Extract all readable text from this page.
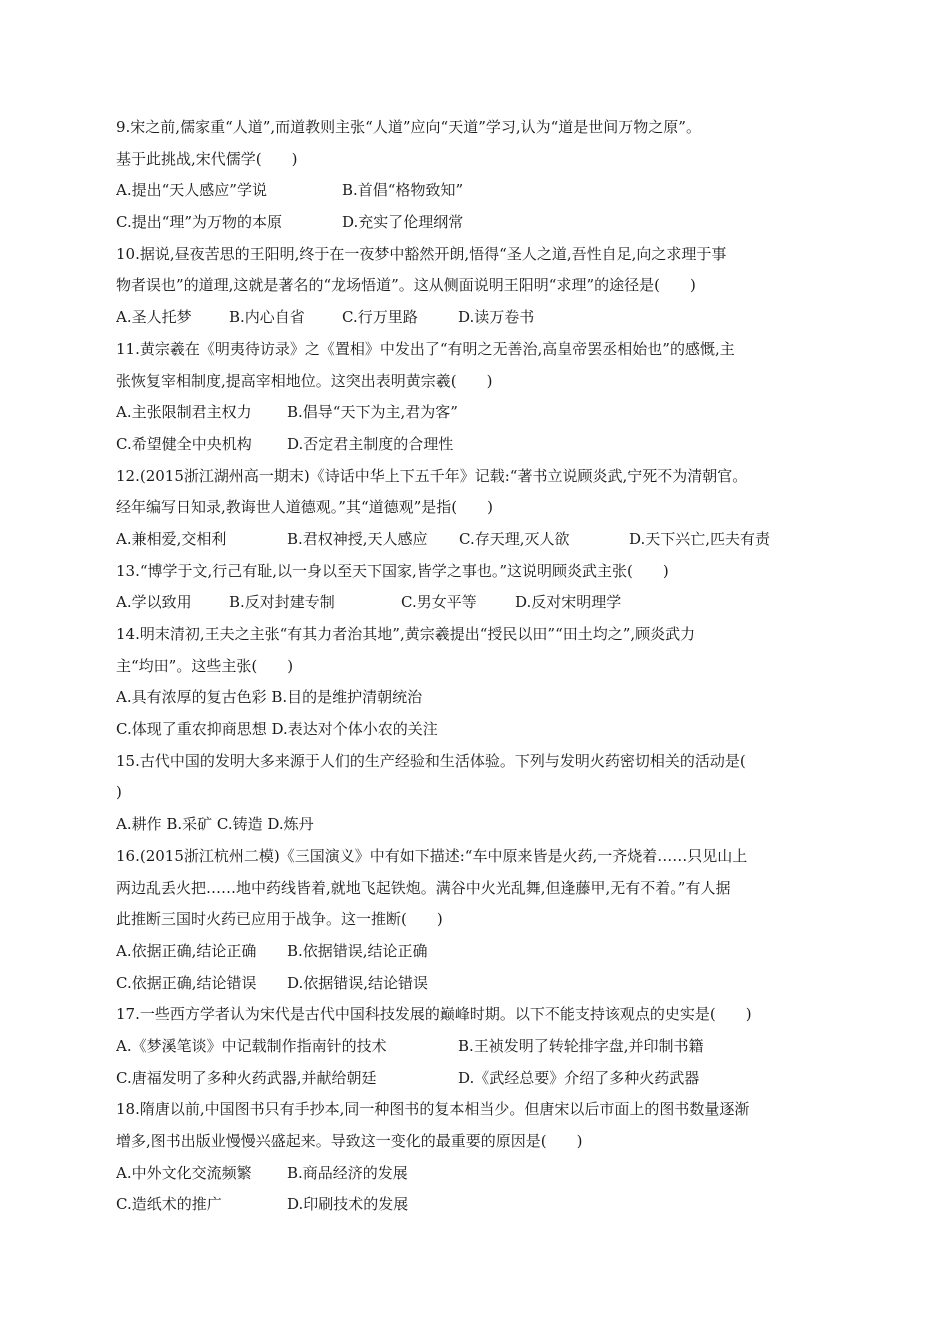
9.宋之前,儒家重“人道”,而道教则主张“人道”应向“天道”学习,认为“道是世间万物之原”。
基于此挑战,宋代儒学(　　)
A.提出“天人感应”学说	B.首倡“格物致知”
C.提出“理”为万物的本原	D.充实了伦理纲常
10.据说,昼夜苦思的王阳明,终于在一夜梦中豁然开朗,悟得“圣人之道,吾性自足,向之求理于事
物者误也”的道理,这就是著名的“龙场悟道”。这从侧面说明王阳明“求理”的途径是(　　)
A.圣人托梦	B.内心自省	C.行万里路	D.读万卷书
11.黄宗羲在《明夷待访录》之《置相》中发出了“有明之无善治,高皇帝罢丞相始也”的感慨,主
张恢复宰相制度,提高宰相地位。这突出表明黄宗羲(　　)
A.主张限制君主权力	B.倡导“天下为主,君为客”
C.希望健全中央机构	D.否定君主制度的合理性
12.(2015浙江湖州高一期末)《诗话中华上下五千年》记载:“著书立说顾炎武,宁死不为清朝官。
经年编写日知录,教诲世人道德观。”其“道德观”是指(　　)
A.兼相爱,交相利	B.君权神授,天人感应	C.存天理,灭人欲	D.天下兴亡,匹夫有责
13.“博学于文,行己有耻,以一身以至天下国家,皆学之事也。”这说明顾炎武主张(　　)
A.学以致用	B.反对封建专制	C.男女平等	D.反对宋明理学
14.明末清初,王夫之主张“有其力者治其地”,黄宗羲提出“授民以田”“田土均之”,顾炎武力
主“均田”。这些主张(　　)
A.具有浓厚的复古色彩 B.目的是维护清朝统治
C.体现了重农抑商思想 D.表达对个体小农的关注
15.古代中国的发明大多来源于人们的生产经验和生活体验。下列与发明火药密切相关的活动是(
)
A.耕作 B.采矿 C.铸造 D.炼丹
16.(2015浙江杭州二模)《三国演义》中有如下描述:“车中原来皆是火药,一齐烧着……只见山上
两边乱丢火把……地中药线皆着,就地飞起铁炮。满谷中火光乱舞,但逢藤甲,无有不着。”有人据
此推断三国时火药已应用于战争。这一推断(　　)
A.依据正确,结论正确	B.依据错误,结论正确
C.依据正确,结论错误	D.依据错误,结论错误
17.一些西方学者认为宋代是古代中国科技发展的巅峰时期。以下不能支持该观点的史实是(　　)
A.《梦溪笔谈》中记载制作指南针的技术	B.王祯发明了转轮排字盘,并印制书籍
C.唐福发明了多种火药武器,并献给朝廷	D.《武经总要》介绍了多种火药武器
18.隋唐以前,中国图书只有手抄本,同一种图书的复本相当少。但唐宋以后市面上的图书数量逐渐
增多,图书出版业慢慢兴盛起来。导致这一变化的最重要的原因是(　　)
A.中外文化交流频繁	B.商品经济的发展
C.造纸术的推广	D.印刷技术的发展
